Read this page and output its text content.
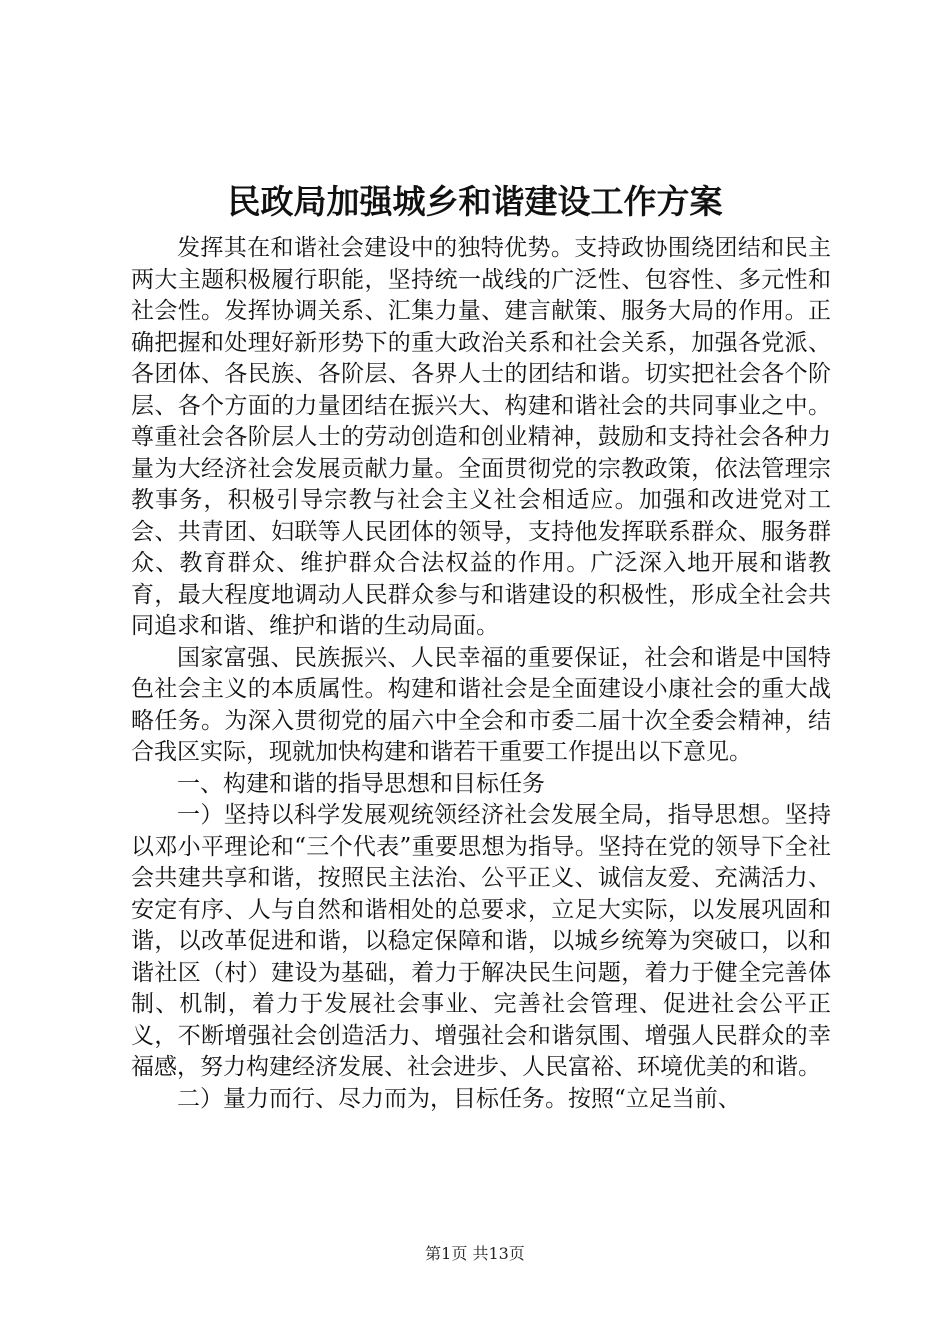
民政局加强城乡和谐建设工作方案

发挥其在和谐社会建设中的独特优势。支持政协围绕团结和民主两大主题积极履行职能，坚持统一战线的广泛性、包容性、多元性和社会性。发挥协调关系、汇集力量、建言献策、服务大局的作用。正确把握和处理好新形势下的重大政治关系和社会关系，加强各党派、各团体、各民族、各阶层、各界人士的团结和谐。切实把社会各个阶层、各个方面的力量团结在振兴大、构建和谐社会的共同事业之中。尊重社会各阶层人士的劳动创造和创业精神，鼓励和支持社会各种力量为大经济社会发展贡献力量。全面贯彻党的宗教政策，依法管理宗教事务，积极引导宗教与社会主义社会相适应。加强和改进党对工会、共青团、妇联等人民团体的领导，支持他发挥联系群众、服务群众、教育群众、维护群众合法权益的作用。广泛深入地开展和谐教育，最大程度地调动人民群众参与和谐建设的积极性，形成全社会共同追求和谐、维护和谐的生动局面。

国家富强、民族振兴、人民幸福的重要保证，社会和谐是中国特色社会主义的本质属性。构建和谐社会是全面建设小康社会的重大战略任务。为深入贯彻党的届六中全会和市委二届十次全委会精神，结合我区实际，现就加快构建和谐若干重要工作提出以下意见。

一、构建和谐的指导思想和目标任务

一）坚持以科学发展观统领经济社会发展全局，指导思想。坚持以邓小平理论和“三个代表”重要思想为指导。坚持在党的领导下全社会共建共享和谐，按照民主法治、公平正义、诚信友爱、充满活力、安定有序、人与自然和谐相处的总要求，立足大实际，以发展巩固和谐，以改革促进和谐，以稳定保障和谐，以城乡统筹为突破口，以和谐社区（村）建设为基础，着力于解决民生问题，着力于健全完善体制、机制，着力于发展社会事业、完善社会管理、促进社会公平正义，不断增强社会创造活力、增强社会和谐氛围、增强人民群众的幸福感，努力构建经济发展、社会进步、人民富裕、环境优美的和谐。

二）量力而行、尽力而为，目标任务。按照“立足当前、

第1页 共13页
